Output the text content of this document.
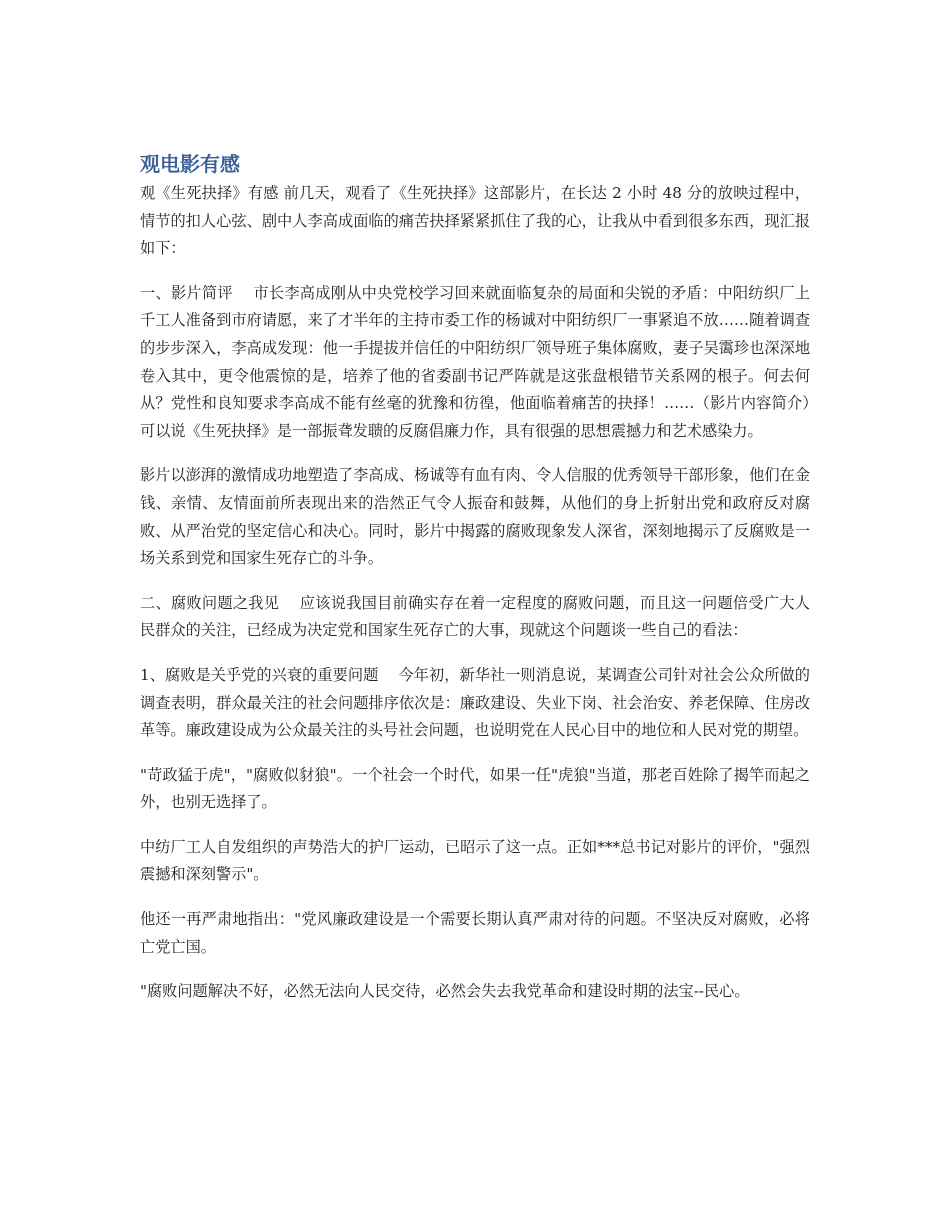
观电影有感

观《生死抉择》有感 前几天，观看了《生死抉择》这部影片，在长达 2 小时 48 分的放映过程中，情节的扣人心弦、剧中人李高成面临的痛苦抉择紧紧抓住了我的心，让我从中看到很多东西，现汇报如下：

一、影片简评　 市长李高成刚从中央党校学习回来就面临复杂的局面和尖锐的矛盾：中阳纺织厂上千工人准备到市府请愿，来了才半年的主持市委工作的杨诚对中阳纺织厂一事紧追不放……随着调查的步步深入，李高成发现：他一手提拔并信任的中阳纺织厂领导班子集体腐败，妻子吴霭珍也深深地卷入其中，更令他震惊的是，培养了他的省委副书记严阵就是这张盘根错节关系网的根子。何去何从？党性和良知要求李高成不能有丝毫的犹豫和彷徨，他面临着痛苦的抉择！……（影片内容简介）　 可以说《生死抉择》是一部振聋发聩的反腐倡廉力作，具有很强的思想震撼力和艺术感染力。

影片以澎湃的激情成功地塑造了李高成、杨诚等有血有肉、令人信服的优秀领导干部形象，他们在金钱、亲情、友情面前所表现出来的浩然正气令人振奋和鼓舞，从他们的身上折射出党和政府反对腐败、从严治党的坚定信心和决心。同时，影片中揭露的腐败现象发人深省，深刻地揭示了反腐败是一场关系到党和国家生死存亡的斗争。

二、腐败问题之我见　 应该说我国目前确实存在着一定程度的腐败问题，而且这一问题倍受广大人民群众的关注，已经成为决定党和国家生死存亡的大事，现就这个问题谈一些自己的看法：

1、腐败是关乎党的兴衰的重要问题　 今年初，新华社一则消息说，某调查公司针对社会公众所做的调查表明，群众最关注的社会问题排序依次是：廉政建设、失业下岗、社会治安、养老保障、住房改革等。廉政建设成为公众最关注的头号社会问题，也说明党在人民心目中的地位和人民对党的期望。

"苛政猛于虎"，"腐败似豺狼"。一个社会一个时代，如果一任"虎狼"当道，那老百姓除了揭竿而起之外，也别无选择了。

中纺厂工人自发组织的声势浩大的护厂运动，已昭示了这一点。正如***总书记对影片的评价，"强烈震撼和深刻警示"。

他还一再严肃地指出："党风廉政建设是一个需要长期认真严肃对待的问题。不坚决反对腐败，必将亡党亡国。

"腐败问题解决不好，必然无法向人民交待，必然会失去我党革命和建设时期的法宝--民心。
